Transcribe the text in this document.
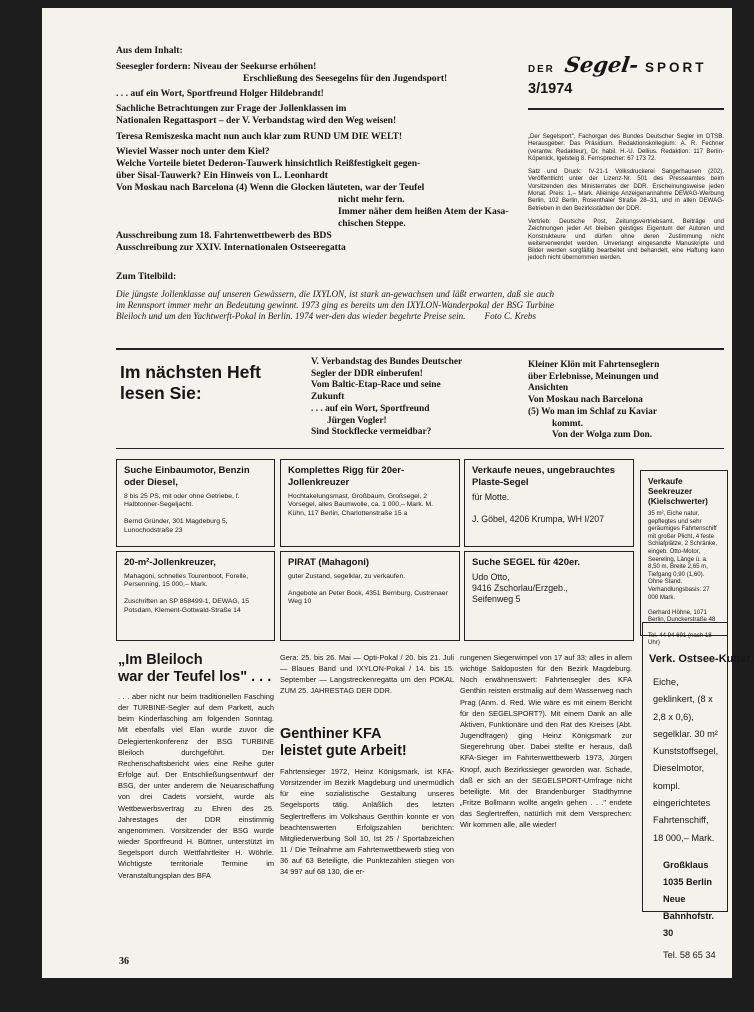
Aus dem Inhalt:
Seesegler fordern: Niveau der Seekurse erhöhen!
Erschließung des Seesegelns für den Jugendsport!
. . . auf ein Wort, Sportfreund Holger Hildebrandt!
Sachliche Betrachtungen zur Frage der Jollenklassen im
Nationalen Regattasport – der V. Verbandstag wird den Weg weisen!
Teresa Remiszeska macht nun auch klar zum RUND UM DIE WELT!
Wieviel Wasser noch unter dem Kiel?
Welche Vorteile bietet Dederon-Tauwerk hinsichtlich Reißfestigkeit gegen-
über Sisal-Tauwerk? Ein Hinweis von L. Leonhardt
Von Moskau nach Barcelona
(4)
Wenn die Glocken läuteten, war der Teufel
nicht mehr fern.
Immer näher dem heißen Atem der Kasa-
chischen Steppe.
Ausschreibung zum 18. Fahrtenwettbewerb des BDS
Ausschreibung zur XXIV. Internationalen Ostseeregatta
Zum Titelbild:
Die jüngste Jollenklasse auf unseren Gewässern, die IXYLON, ist stark an-gewachsen und läßt erwarten, daß sie auch im Rennsport immer mehr an Bedeutung gewinnt. 1973 ging es bereits um den IXYLON-Wanderpokal der BSG Turbine Bleiloch und um den Yachtwerft-Pokal in Berlin. 1974 wer-den das wieder begehrte Preise sein. Foto C. Krebs
DER Segel- SPORT
3/1974
„Der Segelsport", Fachorgan des Bundes Deutscher Segler im DTSB. Herausgeber: Das Präsidium. Redaktionskollegium: A. R. Fechner (verantw. Redakteur), Dr. habil. H.-U. Dellius. Redaktion: 117 Berlin-Köpenick, Igelsteig 8. Fernsprecher: 67 173 72.
Satz und Druck: IV-21-1 Volksdruckerei Sangerhausen (202). Veröffentlicht unter der Lizenz-Nr. 501 des Presseamtes beim Vorsitzenden des Ministerrates der DDR. Erscheinungsweise jeden Monat. Preis: 1,– Mark. Alleinige Anzeigenannahme DEWAG-Werbung Berlin, 102 Berlin, Rosenthaler Straße 28–31, und in allen DEWAG-Betrieben in den Bezirksstädten der DDR.
Vertrieb: Deutsche Post, Zeitungsvertriebsamt. Beiträge und Zeichnungen jeder Art bleiben geistiges Eigentum der Autoren und Konstrukteure und dürfen ohne deren Zustimmung nicht weiterverwendet werden. Unverlangt eingesandte Manuskripte und Bilder werden sorgfältig bearbeitet und behandelt, eine Haftung kann jedoch nicht übernommen werden.
Im nächsten Heft
lesen Sie:
V. Verbandstag des Bundes Deutscher
Segler der DDR einberufen!
Vom Baltic-Etap-Race und seine
Zukunft
. . . auf ein Wort, Sportfreund
Jürgen Vogler!
Sind Stockflecke vermeidbar?
Kleiner Klön mit Fahrtenseglern
über Erlebnisse, Meinungen und
Ansichten
Von Moskau nach Barcelona
(5) Wo man im Schlaf zu Kaviar
kommt.
Von der Wolga zum Don.
Suche Einbaumotor, Benzin oder Diesel,
8 bis 25 PS, mit oder ohne Getriebe, f. Halbtonner-Segeljacht.

Bernd Gründer, 301 Magdeburg 5, Lunochodstraße 23
20-m²-Jollenkreuzer,
Mahagoni, schnelles Tourenboot, Forelle, Persenning, 15 000,– Mark.

Zuschriften an SP 858499-1, DEWAG, 15 Potsdam, Klement-Gottwald-Straße 14
Komplettes Rigg für 20er-Jollenkreuzer
Hochtakelungsmast, Großbaum, Großsegel, 2 Vorsegel, alles Baumwolle, ca. 1 000,– Mark. M. Kühn, 117 Berlin, Charlottenstraße 15 a
PIRAT (Mahagoni)
guter Zustand, segelklar, zu verkaufen.

Angebote an Peter Bock, 4351 Bernburg, Custrenaer Weg 10
Verkaufe neues, ungebrauchtes Plaste-Segel
für Motte.

J. Göbel, 4206 Krumpa, WH I/207
Suche SEGEL für 420er.
Udo Otto,
9416 Zschorlau/Erzgeb.,
Seifenweg 5
Verkaufe Seekreuzer (Kielschwerter)
35 m², Eiche natur, gepflegtes und sehr geräumiges Fahrtenschiff mit großer Plicht, 4 feste Schlafplätze, 2 Schränke, eingeb. Otto-Motor, Seereling, Länge ü. a. 8,50 m, Breite 2,65 m, Tiefgang 0,90 (1,60). Ohne Stand. Verhandlungsbasis: 27 000 Mark.

Gerhard Höhne, 1071 Berlin, Dunckerstraße 48

Tel. 44 94 691 (nach 18 Uhr)
„Im Bleiloch
war der Teufel los" . . .
. . . aber nicht nur beim traditionellen Fasching der TURBINE-Segler auf dem Parkett, auch beim Kinderfasching am folgenden Sonntag. Mit ebenfalls viel Elan wurde zuvor die Delegiertenkonferenz der BSG TURBINE Bleiloch durchgeführt. Der Rechenschaftsbericht wies eine Reihe guter Erfolge auf. Der Entschließungsentwurf der BSG, der unter anderem die Neuanschaffung von drei Cadets vorsieht, wurde als Wettbewerbsvertrag zu Ehren des 25. Jahrestages der DDR einstimmig angenommen. Vorsitzender der BSG wurde wieder Sportfreund H. Büttner, unterstützt im Segelsport durch Wettfahrtleiter H. Wöhrle. Wichtigste territoriale Termine im Veranstaltungsplan des BFA
Gera: 25. bis 26. Mai — Opti-Pokal / 20. bis 21. Juli — Blaues Band und IXYLON-Pokal / 14. bis 15. September — Langstreckenregatta um den POKAL ZUM 25. JAHRESTAG DER DDR.
Genthiner KFA
leistet gute Arbeit!
Fahrtensieger 1972, Heinz Königsmark, ist KFA-Vorsitzender im Bezirk Magdeburg und unermüdlich für eine sozialistische Gestaltung unseres Segelsports tätig. Anläßlich des letzten Seglertreffens im Volkshaus Genthin konnte er von beachtenswerten Erfolgszahlen berichten: Mitgliederwerbung Soll 10, Ist 25 / Sportabzeichen 11 / Die Teilnahme am Fahrtenwettbewerb stieg von 36 auf 63 Beteiligte, die Punktezahlen stiegen von 34 997 auf 68 130, die er-
rungenen Siegerwimpel von 17 auf 33; alles in allem wichtige Saldoposten für den Bezirk Magdeburg. Noch erwähnenswert: Fahrtensegler des KFA Genthin reisten erstmalig auf dem Wasserweg nach Prag (Anm. d. Red. Wie wäre es mit einem Bericht für den SEGELSPORT?). Mit einem Dank an alle Aktiven, Funktionäre und den Rat des Kreises (Abt. Jugendfragen) ging Heinz Königsmark zur Siegerehrung über. Dabei stellte er heraus, daß KFA-Sieger im Fahrtenwettbewerb 1973, Jürgen Knopf, auch Bezirkssieger geworden war. Schade, daß er sich an der SEGELSPORT-Umfrage nicht beteiligte. Mit der Brandenburger Stadthymne „Fritze Bollmann wollte angeln gehen . . ." endete das Seglertreffen, natürlich mit dem Versprechen: Wir kommen alle, alle wieder!
Verk. Ostsee-Kutter,
Eiche, geklinkert, (8 x 2,8 x 0,6), segelklar. 30 m² Kunststoffsegel, Dieselmotor, kompl. eingerichtetes Fahrtenschiff, 18 000,– Mark.
Großklaus
1035 Berlin
Neue Bahnhofstr. 30
Tel. 58 65 34
36
